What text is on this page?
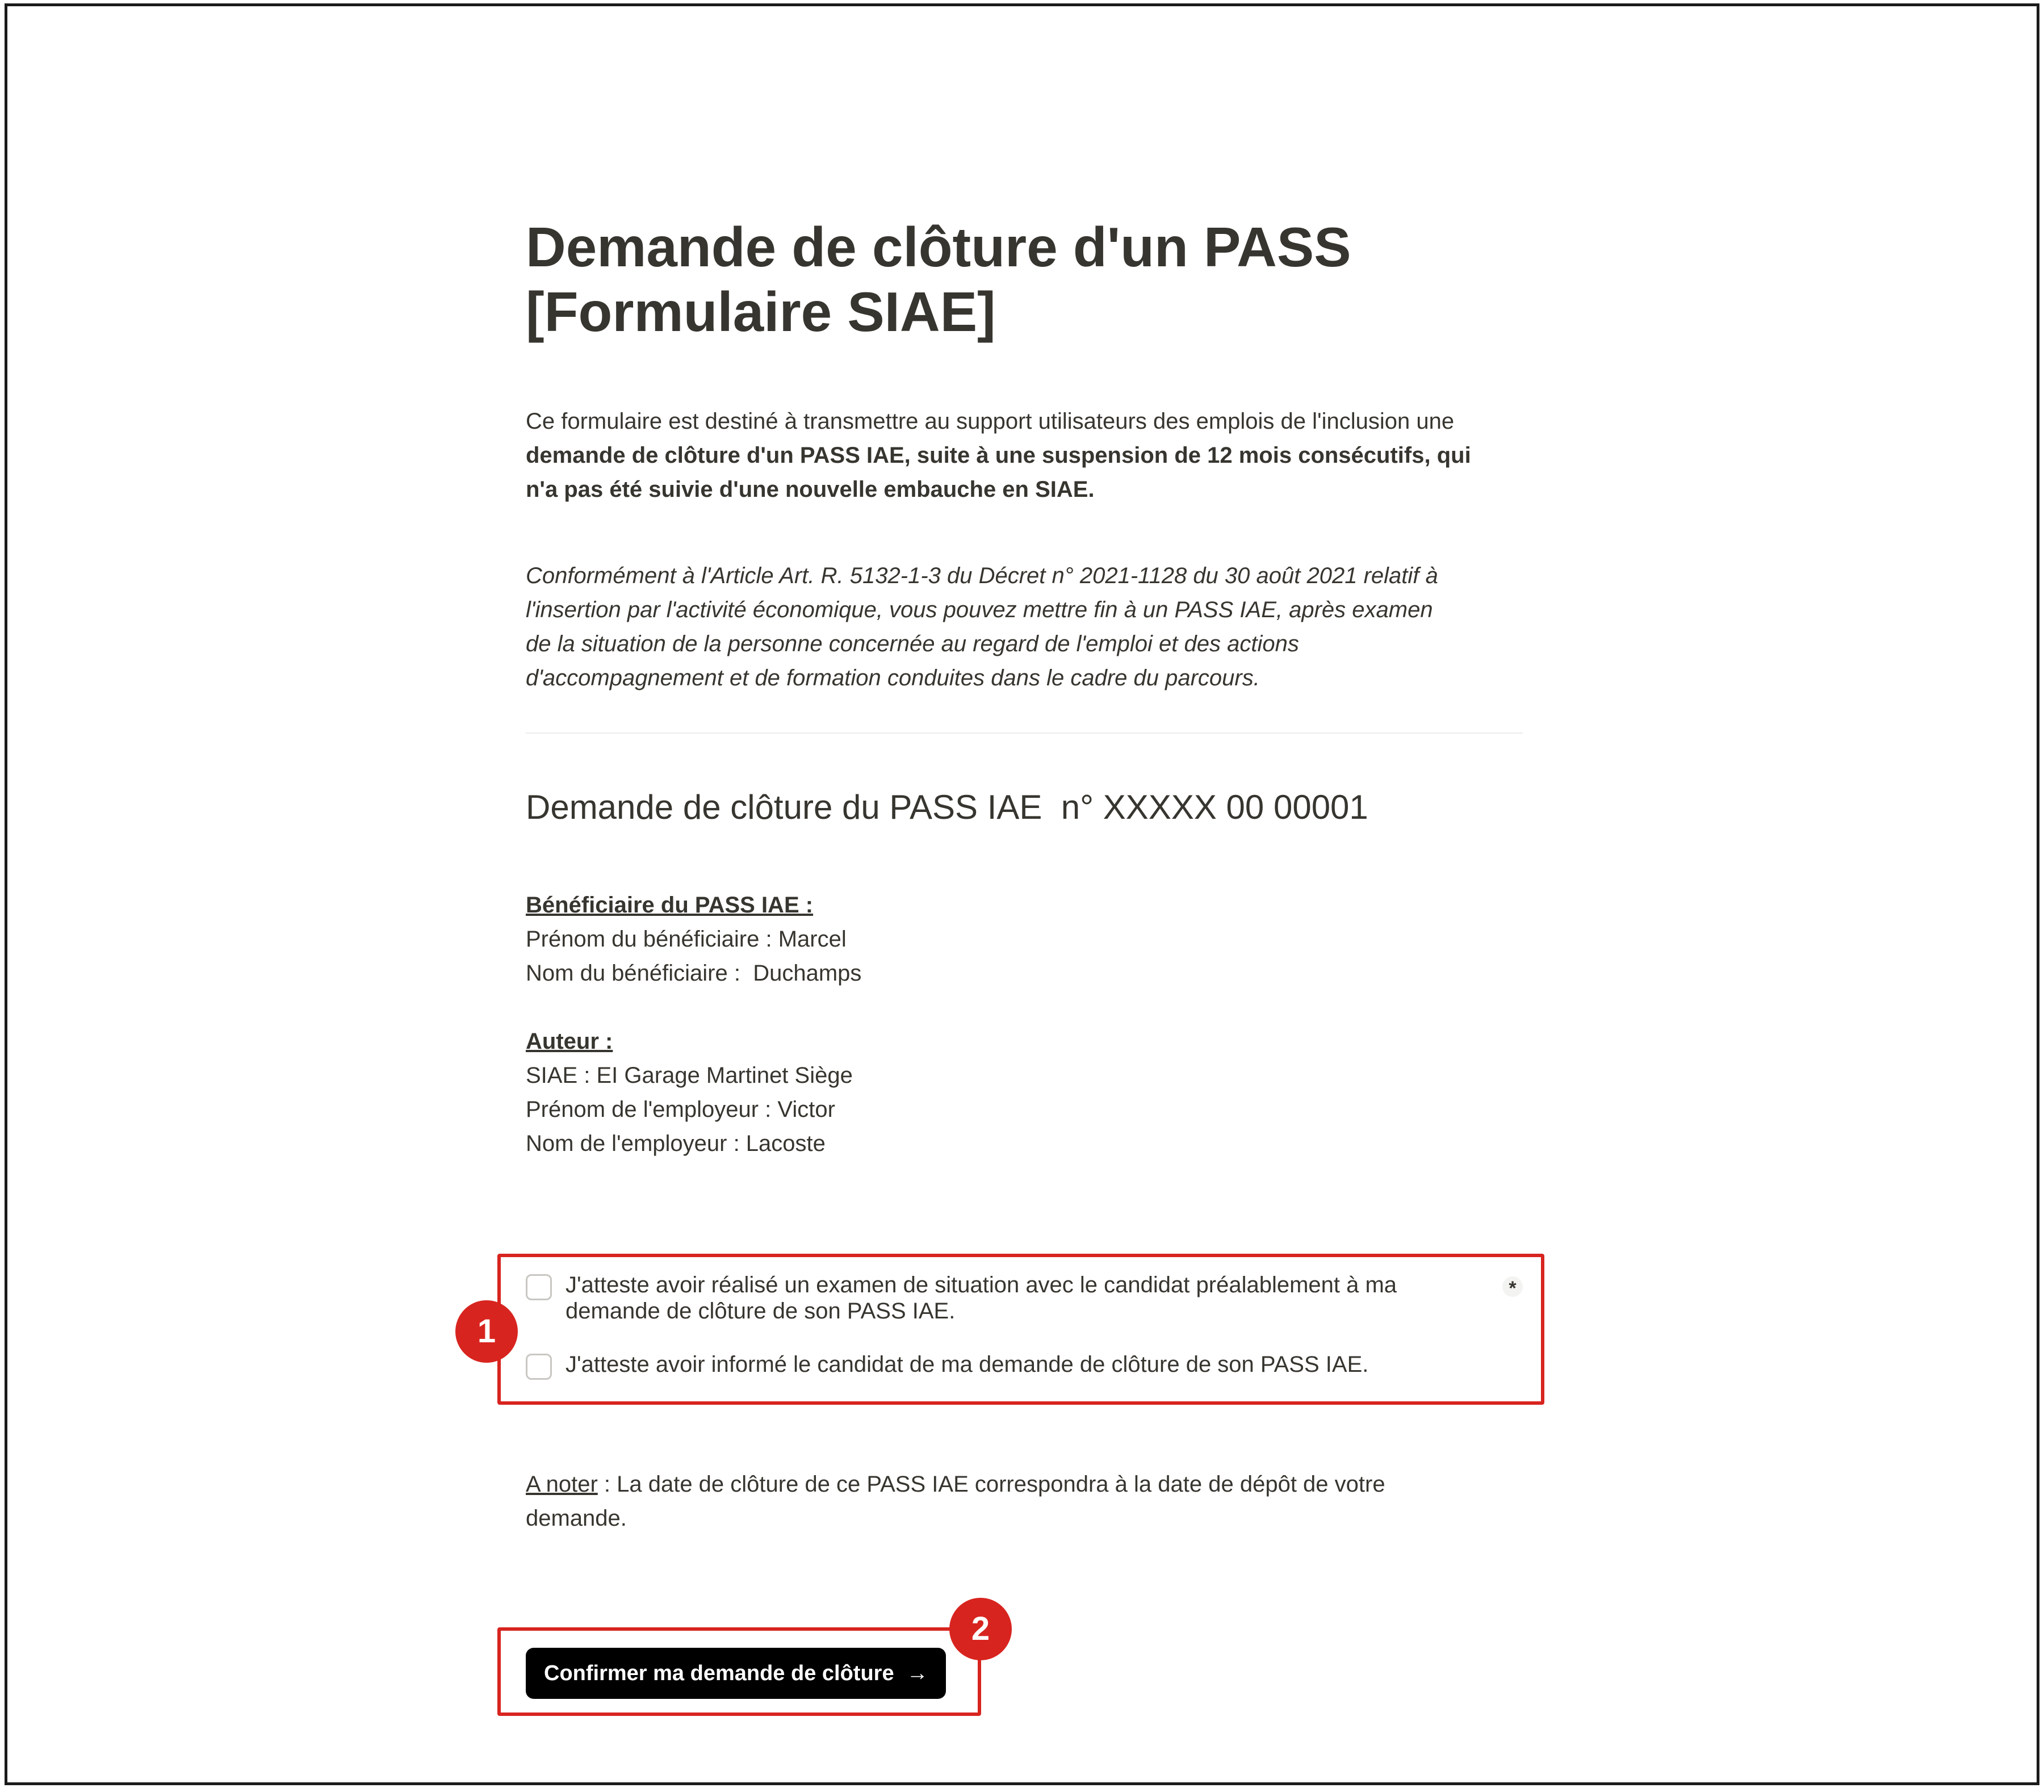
Demande de clôture d'un PASS
[Formulaire SIAE]

Ce formulaire est destiné à transmettre au support utilisateurs des emplois de l'inclusion une
demande de clôture d'un PASS IAE, suite à une suspension de 12 mois consécutifs, qui
n'a pas été suivie d'une nouvelle embauche en SIAE.

Conformément à l'Article Art. R. 5132-1-3 du Décret n° 2021-1128 du 30 août 2021 relatif à
l'insertion par l'activité économique, vous pouvez mettre fin à un PASS IAE, après examen
de la situation de la personne concernée au regard de l'emploi et des actions
d'accompagnement et de formation conduites dans le cadre du parcours.

Demande de clôture du PASS IAE  n° XXXXX 00 00001
Bénéficiaire du PASS IAE :
Prénom du bénéficiaire : Marcel
Nom du bénéficiaire :  Duchamps
Auteur :
SIAE : EI Garage Martinet Siège
Prénom de l'employeur : Victor
Nom de l'employeur : Lacoste
J'atteste avoir réalisé un examen de situation avec le candidat préalablement à ma
demande de clôture de son PASS IAE.
*
J'atteste avoir informé le candidat de ma demande de clôture de son PASS IAE.

A noter : La date de clôture de ce PASS IAE correspondra à la date de dépôt de votre
demande.

Confirmer ma demande de clôture →
1
2
